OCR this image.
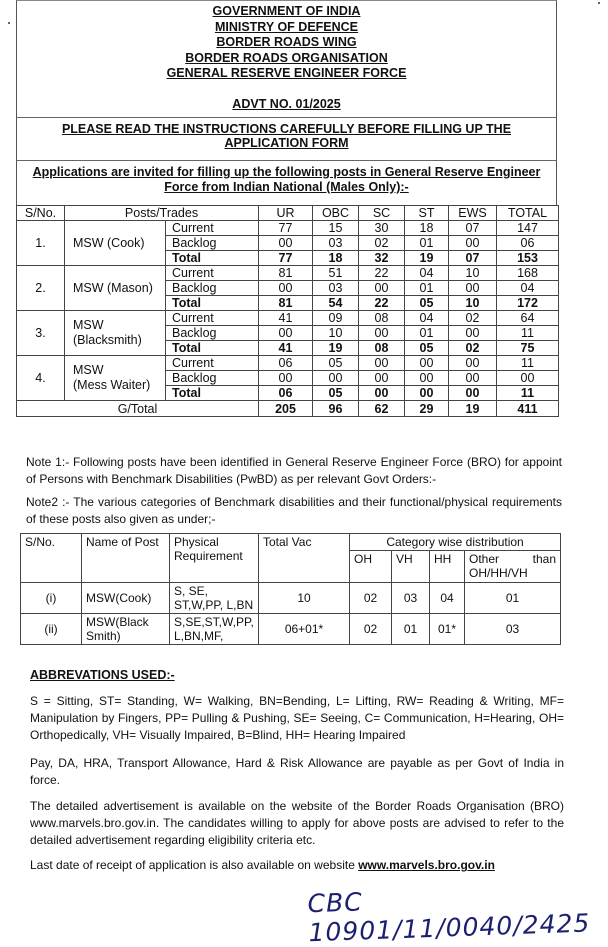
GOVERNMENT OF INDIA
MINISTRY OF DEFENCE
BORDER ROADS WING
BORDER ROADS ORGANISATION
GENERAL RESERVE ENGINEER FORCE
ADVT NO. 01/2025
PLEASE READ THE INSTRUCTIONS CAREFULLY BEFORE FILLING UP THE
APPLICATION FORM
Applications are invited for filling up the following posts in General Reserve Engineer
Force from Indian National (Males Only):-
S/No.	Posts/Trades		UR	OBC	SC	ST	EWS	TOTAL
1.	MSW (Cook)	Current	77	15	30	18	07	147
		Backlog	00	03	02	01	00	06
		Total	77	18	32	19	07	153
2.	MSW (Mason)	Current	81	51	22	04	10	168
		Backlog	00	03	00	01	00	04
		Total	81	54	22	05	10	172
3.	MSW
(Blacksmith)	Current	41	09	08	04	02	64
		Backlog	00	10	00	01	00	11
		Total	41	19	08	05	02	75
4.	MSW
(Mess Waiter)	Current	06	05	00	00	00	11
		Backlog	00	00	00	00	00	00
		Total	06	05	00	00	00	11
G/Total			205	96	62	29	19	411
Note 1:- Following posts have been identified in General Reserve Engineer Force (BRO) for appoint of Persons with Benchmark Disabilities (PwBD) as per relevant Govt Orders:-
Note2 :- The various categories of Benchmark disabilities and their functional/physical requirements of these posts also given as under;-
S/No.	Name of Post	Physical Requirement	Total Vac	Category wise distribution			
				OH	VH	HH	Other than OH/HH/VH
(i)	MSW(Cook)	S, SE,
ST,W,PP, L,BN	10	02	03	04	01
(ii)	MSW(Black
Smith)	S,SE,ST,W,PP,
L,BN,MF,	06+01*	02	01	01*	03
ABBREVATIONS USED:-
S = Sitting, ST= Standing, W= Walking, BN=Bending, L= Lifting, RW= Reading & Writing, MF= Manipulation by Fingers, PP= Pulling & Pushing, SE= Seeing, C= Communication, H=Hearing, OH= Orthopedically, VH= Visually Impaired, B=Blind, HH= Hearing Impaired
Pay, DA, HRA, Transport Allowance, Hard & Risk Allowance are payable as per Govt of India in force.
The detailed advertisement is available on the website of the Border Roads Organisation (BRO) www.marvels.bro.gov.in. The candidates willing to apply for above posts are advised to refer to the detailed advertisement regarding eligibility criteria etc.
Last date of receipt of application is also available on website www.marvels.bro.gov.in
CBC 10901/11/0040/2425
